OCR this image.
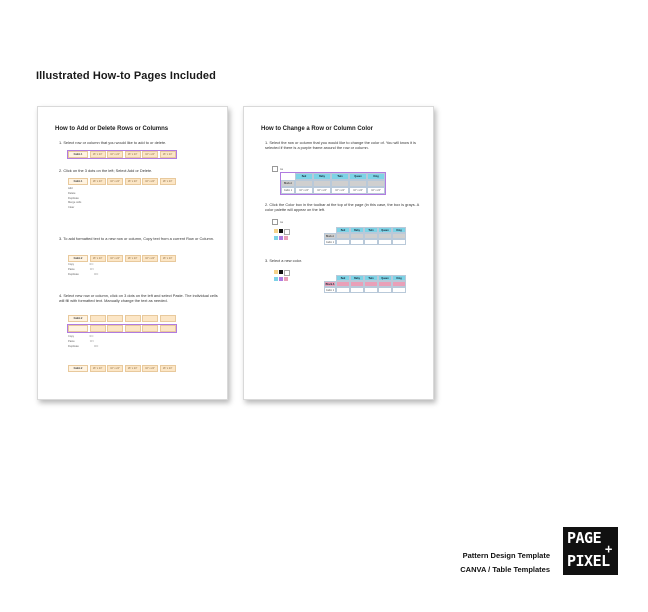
Illustrated How-to Pages Included
How to Add or Delete Rows or Columns
1. Select row or column that you would like to add to or delete.
Cabin 1	16" x 24"	16" x 24"	16" x 24"	16" x 24"	16" x 24"
2. Click on the 3 dots on the left; Select Add or Delete.
Cabin 1	16" x 24"	16" x 24"	16" x 24"	16" x 24"	16" x 24"
Add
Delete
Duplicate
Merge cells
Clear
3. To add formatted text to a new row or column, Copy text from a current Row or Column.
Cabin 2	16" x 24"	16" x 24"	16" x 24"	16" x 24"	16" x 24"
Copy	⌘C
Paste	⌘V
Duplicate	⌘D
4. Select new row or column, click on 3 dots on the left and select Paste. The individual cells will fill with formatted text. Manually change the text as needed.
Cabin 2
Copy	⌘C
Paste	⌘V
Duplicate	⌘D
Cabin 2	16" x 24"	16" x 24"	16" x 24"	16" x 24"	16" x 24"
How to Change a Row or Column Color
1. Select the row or column that you would like to change the color of. You will know it is selected if there is a purple frame around the row or column.
Aa
Bed	Baby	Twin	Queen	King
Block A
Cabin 1	16" x 24"	16" x 24"	16" x 24"	16" x 24"	16" x 24"
2. Click the Color box in the toolbar at the top of the page (in this case, the box is grays. A color palette will appear on the left.
Aa
Bed	Baby	Twin	Queen	King
Block A
Cabin 1
3. Select a new color.
Bed	Baby	Twin	Queen	King
Block A
Cabin 1
Pattern Design Template
CANVA / Table Templates
PAGE
+
PIXEL
